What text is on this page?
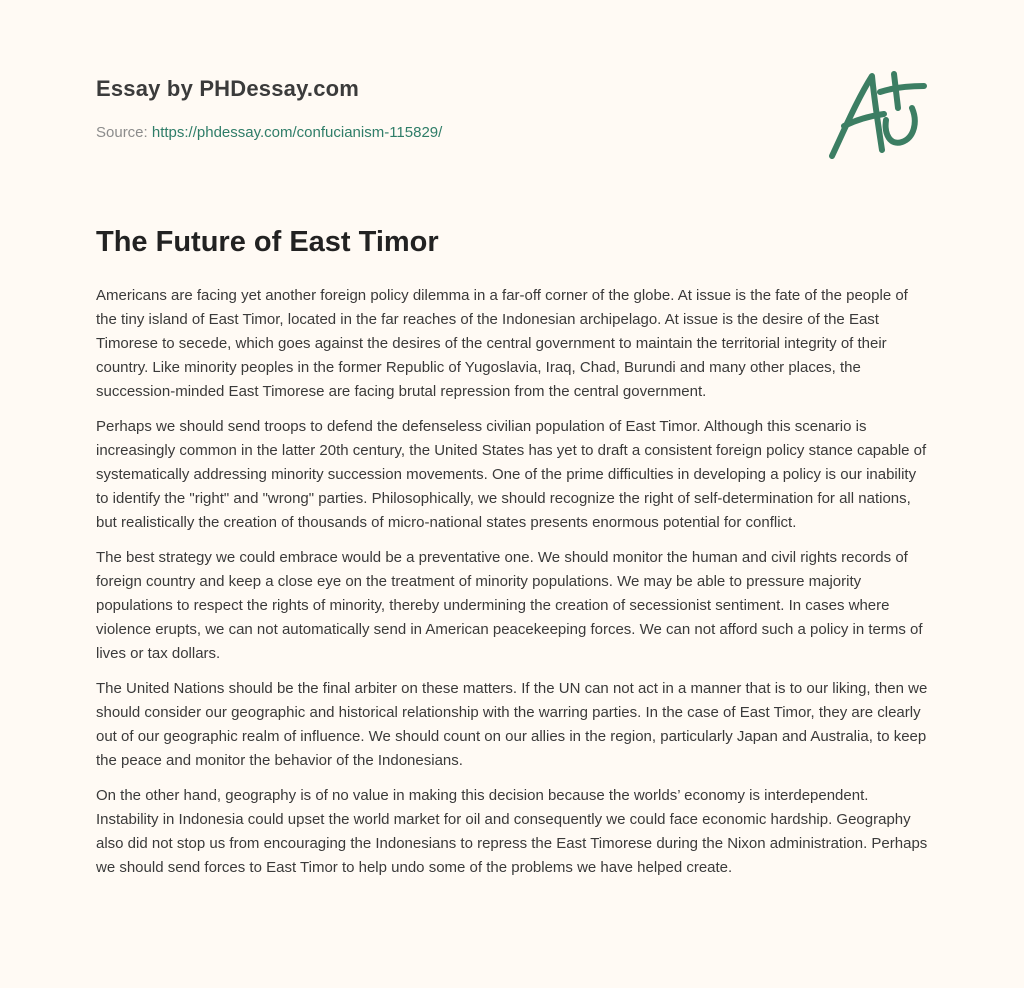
Essay by PHDessay.com
Source: https://phdessay.com/confucianism-115829/
The Future of East Timor

Americans are facing yet another foreign policy dilemma in a far-off corner of the globe. At issue is the fate of the people of the tiny island of East Timor, located in the far reaches of the Indonesian archipelago. At issue is the desire of the East Timorese to secede, which goes against the desires of the central government to maintain the territorial integrity of their country. Like minority peoples in the former Republic of Yugoslavia, Iraq, Chad, Burundi and many other places, the succession-minded East Timorese are facing brutal repression from the central government.

Perhaps we should send troops to defend the defenseless civilian population of East Timor. Although this scenario is increasingly common in the latter 20th century, the United States has yet to draft a consistent foreign policy stance capable of systematically addressing minority succession movements. One of the prime difficulties in developing a policy is our inability to identify the "right" and "wrong" parties. Philosophically, we should recognize the right of self-determination for all nations, but realistically the creation of thousands of micro-national states presents enormous potential for conflict.

The best strategy we could embrace would be a preventative one. We should monitor the human and civil rights records of foreign country and keep a close eye on the treatment of minority populations. We may be able to pressure majority populations to respect the rights of minority, thereby undermining the creation of secessionist sentiment. In cases where violence erupts, we can not automatically send in American peacekeeping forces. We can not afford such a policy in terms of lives or tax dollars.

The United Nations should be the final arbiter on these matters. If the UN can not act in a manner that is to our liking, then we should consider our geographic and historical relationship with the warring parties. In the case of East Timor, they are clearly out of our geographic realm of influence. We should count on our allies in the region, particularly Japan and Australia, to keep the peace and monitor the behavior of the Indonesians.

On the other hand, geography is of no value in making this decision because the worlds’ economy is interdependent. Instability in Indonesia could upset the world market for oil and consequently we could face economic hardship. Geography also did not stop us from encouraging the Indonesians to repress the East Timorese during the Nixon administration. Perhaps we should send forces to East Timor to help undo some of the problems we have helped create.
